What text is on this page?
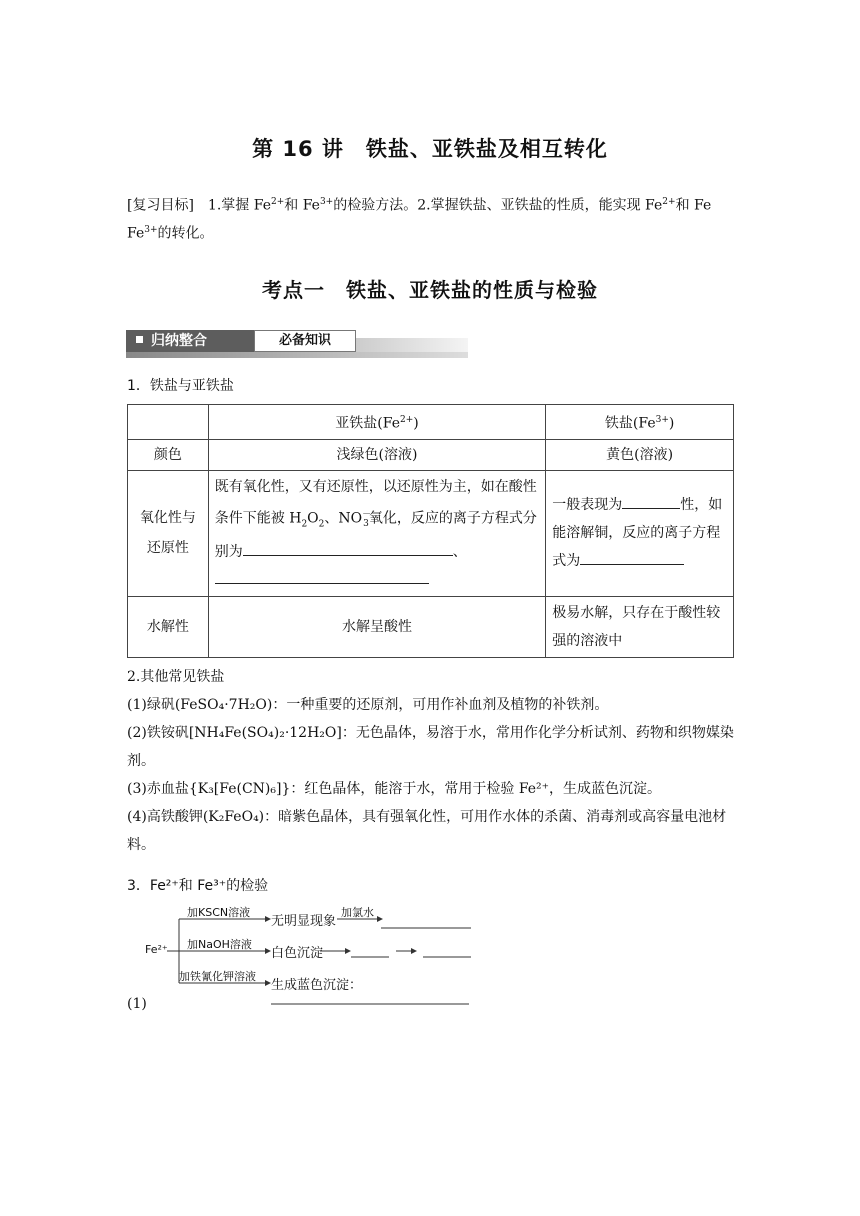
第 16 讲　铁盐、亚铁盐及相互转化
[复习目标]　1.掌握 $Fe^{2+}$和 $Fe^{3+}$的检验方法。2.掌握铁盐、亚铁盐的性质，能实现 $Fe^{2+}$和 Fe

$Fe^{3+}$的转化。
考点一　铁盐、亚铁盐的性质与检验
归纳整合	必备知识
1．铁盐与亚铁盐
	亚铁盐$(Fe^{2+})$	铁盐$(Fe^{3+})$
颜色	浅绿色(溶液)	黄色(溶液)
氧化性与还原性	既有氧化性，又有还原性，以还原性为主，如在酸性条件下能被 $H_2O_2$、$NO^-_3$氧化，反应的离子方程式分别为 、	一般表现为 性，如能溶解铜，反应的离子方程式为
水解性	水解呈酸性	极易水解，只存在于酸性较强的溶液中
2.其他常见铁盐
(1)绿矾(FeSO₄·7H₂O)：一种重要的还原剂，可用作补血剂及植物的补铁剂。
(2)铁铵矾[NH₄Fe(SO₄)₂·12H₂O]：无色晶体，易溶于水，常用作化学分析试剂、药物和织物媒染剂。
(3)赤血盐{K₃[Fe(CN)₆]}：红色晶体，能溶于水，常用于检验 Fe²⁺，生成蓝色沉淀。
(4)高铁酸钾(K₂FeO₄)：暗紫色晶体，具有强氧化性，可用作水体的杀菌、消毒剂或高容量电池材料。
3．Fe²⁺和 Fe³⁺的检验
Fe²⁺
加KSCN溶液
无明显现象
加氯水
加NaOH溶液
白色沉淀
加铁氰化钾溶液
生成蓝色沉淀：
(1)
